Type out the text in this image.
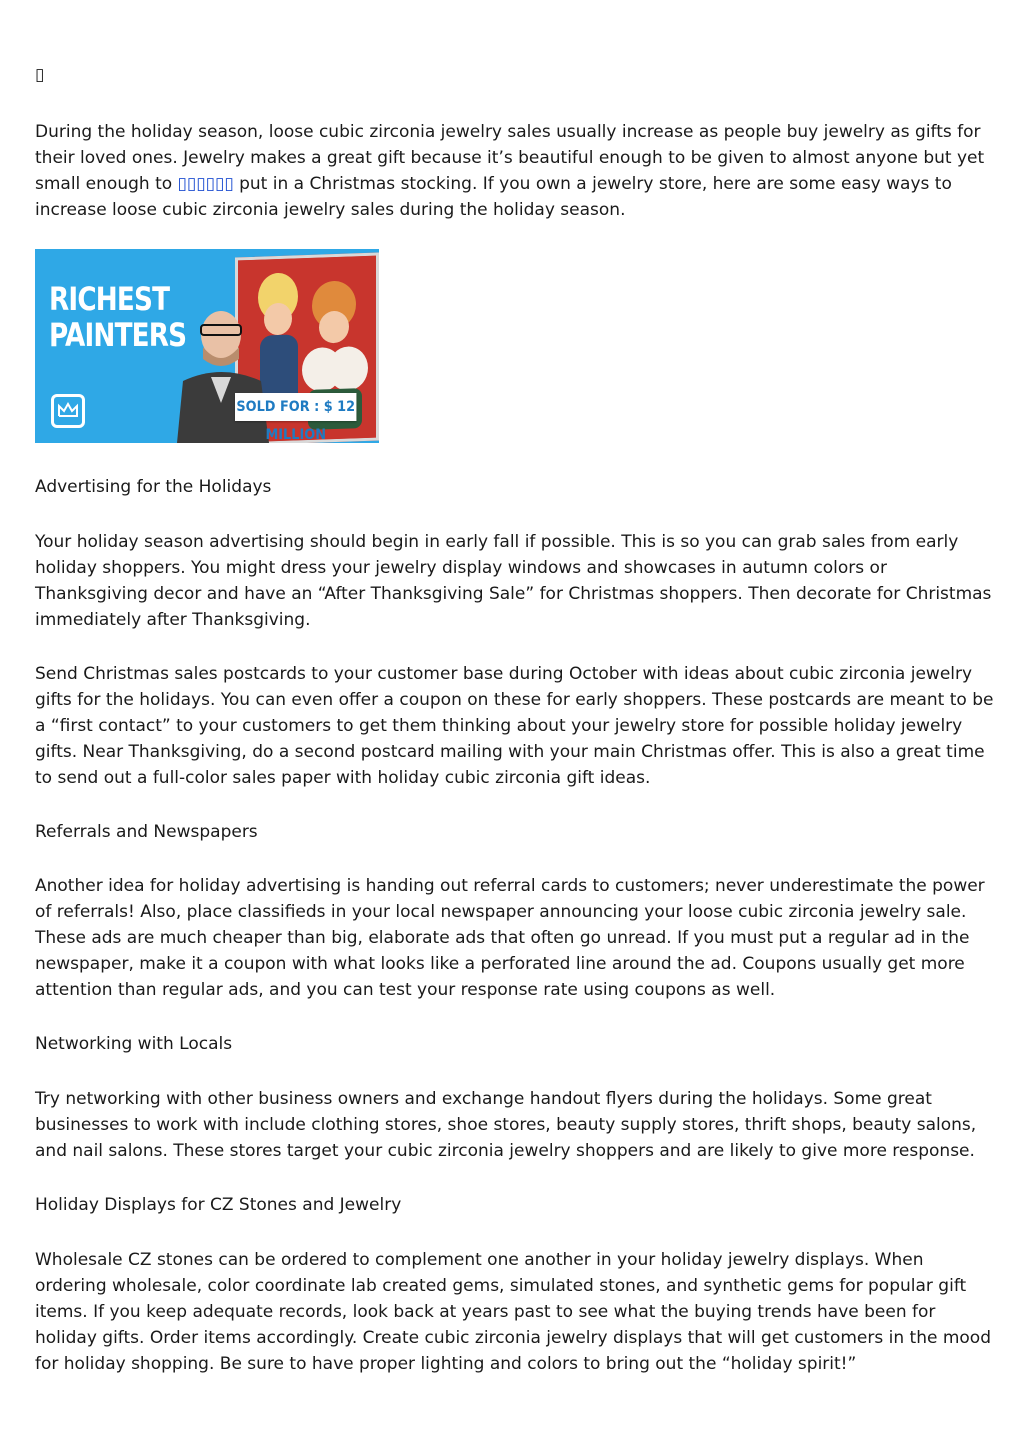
▯

During the holiday season, loose cubic zirconia jewelry sales usually increase as people buy jewelry as gifts for their loved ones. Jewelry makes a great gift because it’s beautiful enough to be given to almost anyone but yet small enough to ▯▯▯▯▯▯ put in a Christmas stocking. If you own a jewelry store, here are some easy ways to increase loose cubic zirconia jewelry sales during the holiday season.

RICHEST
PAINTERS
SOLD FOR : $ 12 MILLION
Advertising for the Holidays

Your holiday season advertising should begin in early fall if possible. This is so you can grab sales from early holiday shoppers. You might dress your jewelry display windows and showcases in autumn colors or Thanksgiving decor and have an “After Thanksgiving Sale” for Christmas shoppers. Then decorate for Christmas immediately after Thanksgiving.

Send Christmas sales postcards to your customer base during October with ideas about cubic zirconia jewelry gifts for the holidays. You can even offer a coupon on these for early shoppers. These postcards are meant to be a “first contact” to your customers to get them thinking about your jewelry store for possible holiday jewelry gifts. Near Thanksgiving, do a second postcard mailing with your main Christmas offer. This is also a great time to send out a full-color sales paper with holiday cubic zirconia gift ideas.

Referrals and Newspapers

Another idea for holiday advertising is handing out referral cards to customers; never underestimate the power of referrals! Also, place classifieds in your local newspaper announcing your loose cubic zirconia jewelry sale. These ads are much cheaper than big, elaborate ads that often go unread. If you must put a regular ad in the newspaper, make it a coupon with what looks like a perforated line around the ad. Coupons usually get more attention than regular ads, and you can test your response rate using coupons as well.

Networking with Locals

Try networking with other business owners and exchange handout flyers during the holidays. Some great businesses to work with include clothing stores, shoe stores, beauty supply stores, thrift shops, beauty salons, and nail salons. These stores target your cubic zirconia jewelry shoppers and are likely to give more response.

Holiday Displays for CZ Stones and Jewelry

Wholesale CZ stones can be ordered to complement one another in your holiday jewelry displays. When ordering wholesale, color coordinate lab created gems, simulated stones, and synthetic gems for popular gift items. If you keep adequate records, look back at years past to see what the buying trends have been for holiday gifts. Order items accordingly. Create cubic zirconia jewelry displays that will get customers in the mood for holiday shopping. Be sure to have proper lighting and colors to bring out the “holiday spirit!”
